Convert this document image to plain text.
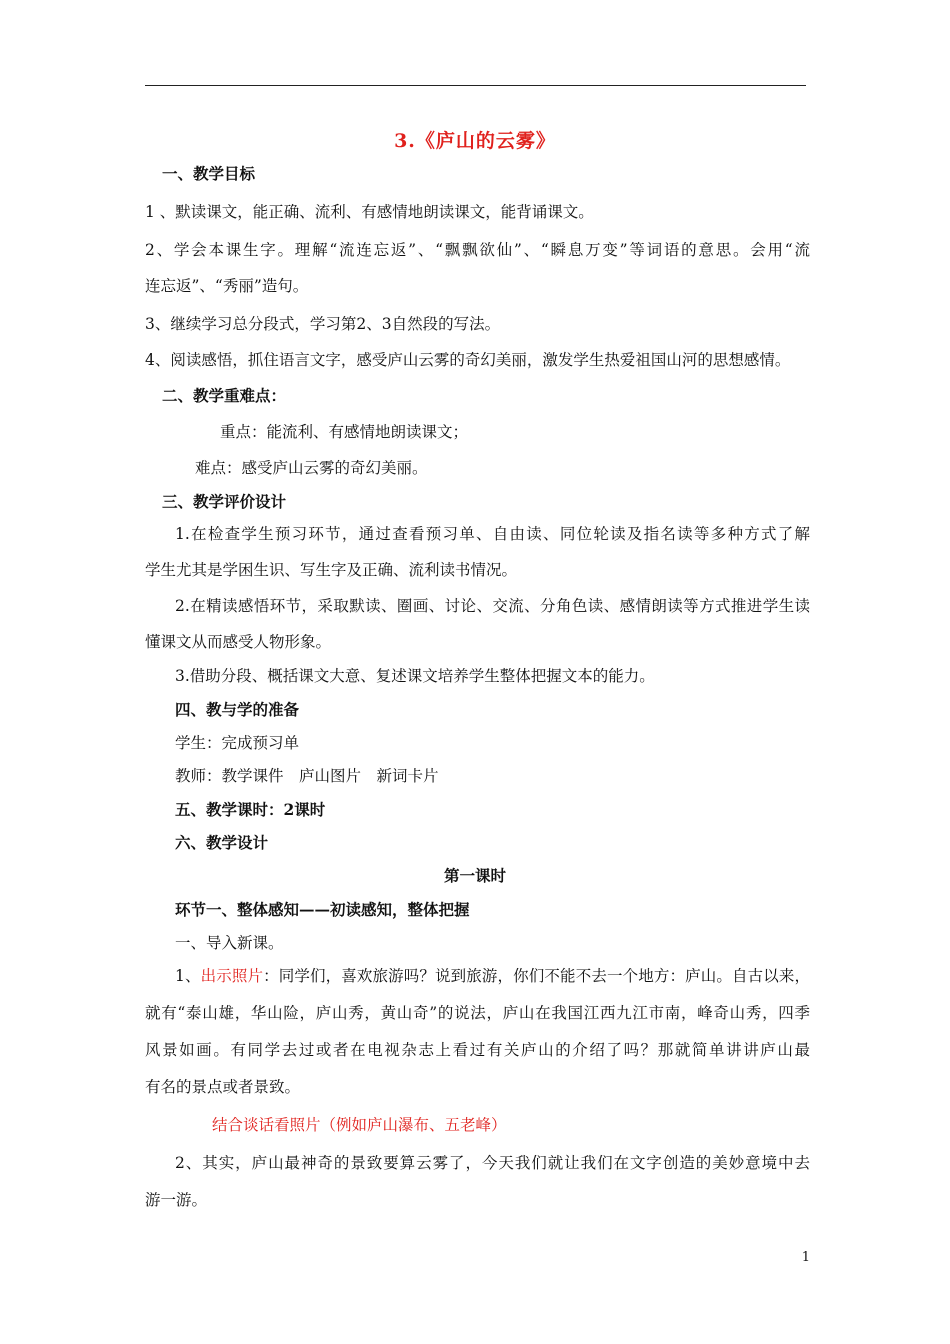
3.《庐山的云雾》
一、教学目标
1 、默读课文，能正确、流利、有感情地朗读课文，能背诵课文。
2、学会本课生字。理解“流连忘返”、“飘飘欲仙”、“瞬息万变”等词语的意思。会用“流
连忘返”、“秀丽”造句。
3、继续学习总分段式，学习第2、3自然段的写法。
4、阅读感悟，抓住语言文字，感受庐山云雾的奇幻美丽，激发学生热爱祖国山河的思想感情。
二、教学重难点：
重点：能流利、有感情地朗读课文；
难点：感受庐山云雾的奇幻美丽。
三、教学评价设计
1.在检查学生预习环节，通过查看预习单、自由读、同位轮读及指名读等多种方式了解
学生尤其是学困生识、写生字及正确、流利读书情况。
2.在精读感悟环节，采取默读、圈画、讨论、交流、分角色读、感情朗读等方式推进学生读
懂课文从而感受人物形象。
3.借助分段、概括课文大意、复述课文培养学生整体把握文本的能力。
四、教与学的准备
学生：完成预习单
教师：教学课件　庐山图片　新词卡片
五、教学课时：2课时
六、教学设计
第一课时
环节一、整体感知——初读感知，整体把握
一、导入新课。
1、出示照片：同学们，喜欢旅游吗？说到旅游，你们不能不去一个地方：庐山。自古以来，
就有“泰山雄，华山险，庐山秀，黄山奇”的说法，庐山在我国江西九江市南，峰奇山秀，四季
风景如画。有同学去过或者在电视杂志上看过有关庐山的介绍了吗？那就简单讲讲庐山最
有名的景点或者景致。
结合谈话看照片（例如庐山瀑布、五老峰）
2、其实，庐山最神奇的景致要算云雾了，今天我们就让我们在文字创造的美妙意境中去
游一游。
1
